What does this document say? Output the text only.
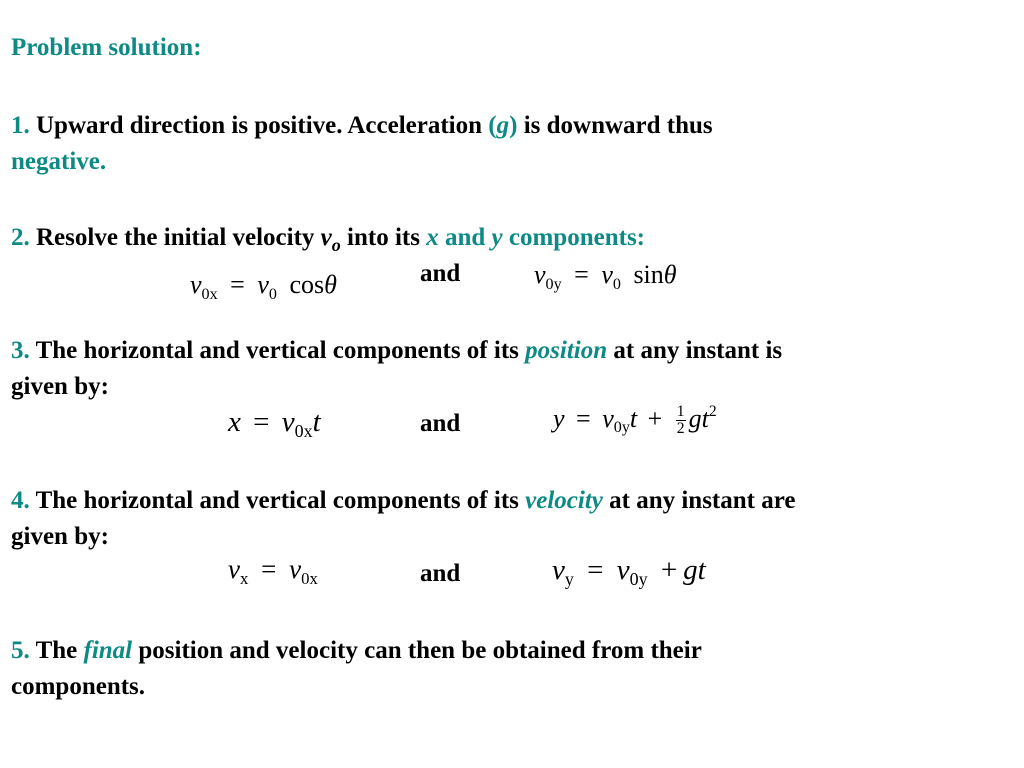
Problem solution:
1. Upward direction is positive. Acceleration (g) is downward thus
negative.
2. Resolve the initial velocity $v_o$ into its x and y components:
$v_{0x} = v_0$ cosθ	and	$v_{0y} = v_0$ sinθ
3. The horizontal and vertical components of its position at any instant is
given by:
$x = v_{0x}t$	and	$y = v_{0y}t + \frac{1}{2} gt^2$
4. The horizontal and vertical components of its velocity at any instant are
given by:
$v_x = v_{0x}$	and	$v_y = v_{0y}$ + gt
5. The final position and velocity can then be obtained from their
components.
